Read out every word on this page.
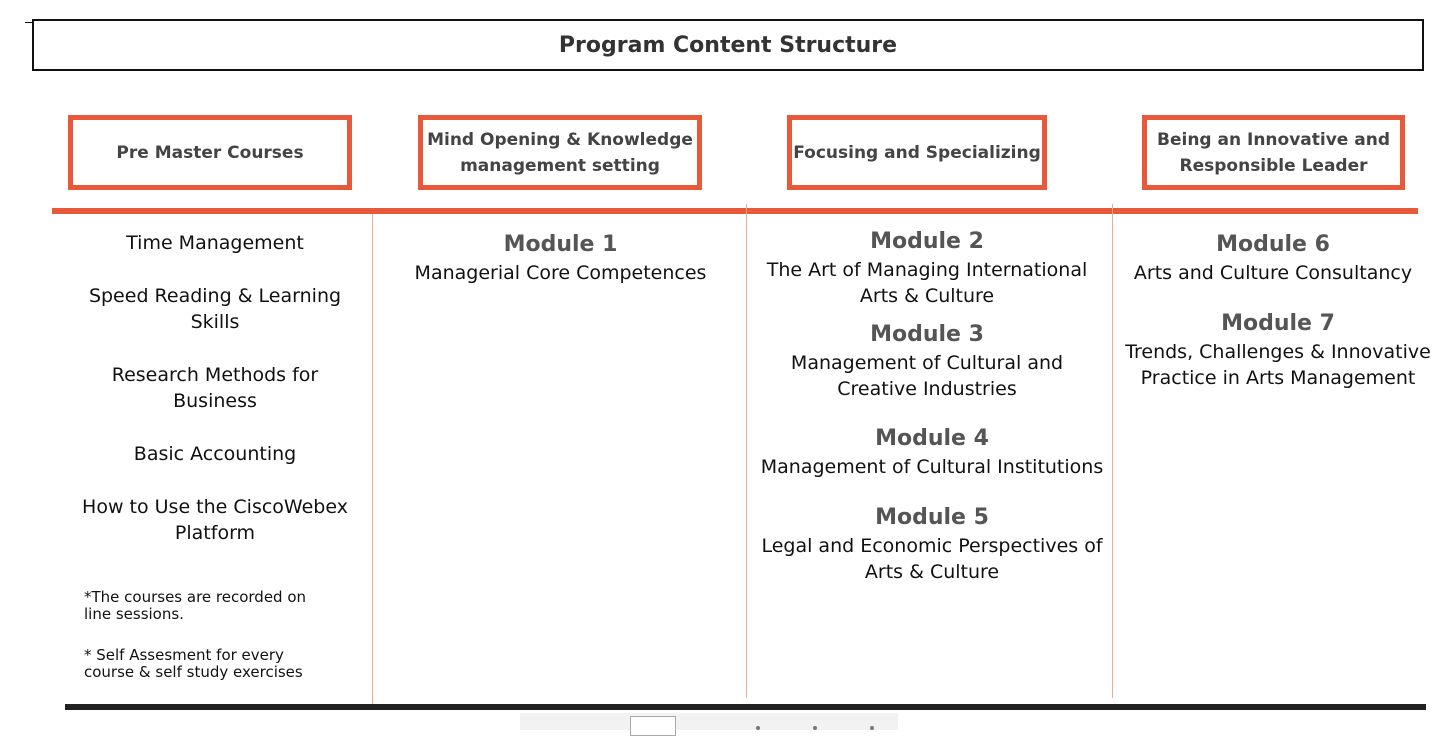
Program Content Structure
Pre Master Courses
Mind Opening & Knowledge
management setting
Focusing and Specializing
Being an Innovative and
Responsible Leader

Time Management

Speed Reading & Learning Skills

Research Methods for Business

Basic Accounting

How to Use the CiscoWebex Platform

*The courses are recorded on line sessions.
* Self Assesment for every course & self study exercises
Module 1
Managerial Core Competences
Module 2
The Art of Managing International Arts & Culture
Module 3
Management of Cultural and Creative Industries
Module 4
Management of Cultural Institutions
Module 5
Legal and Economic Perspectives of Arts & Culture
Module 6
Arts and Culture Consultancy
Module 7
Trends, Challenges & Innovative Practice in Arts Management
